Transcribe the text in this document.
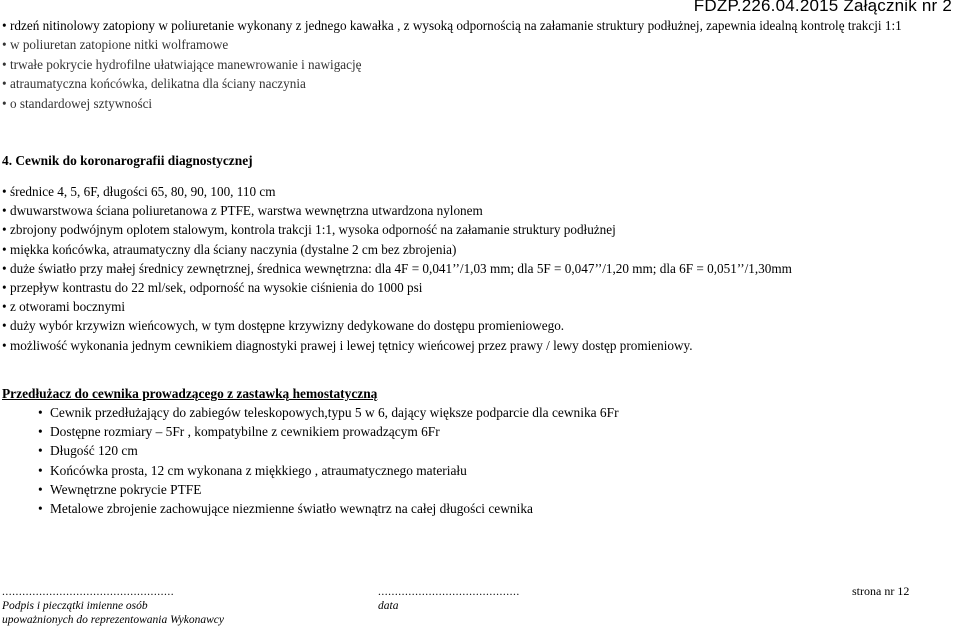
FDZP.226.04.2015 Załącznik nr 2
• rdzeń nitinolowy zatopiony w poliuretanie wykonany z jednego kawałka , z wysoką odpornością na załamanie struktury podłużnej, zapewnia idealną kontrolę trakcji 1:1
• w poliuretan zatopione nitki wolframowe
• trwałe pokrycie hydrofilne ułatwiające manewrowanie i nawigację
• atraumatyczna końcówka, delikatna dla ściany naczynia
• o standardowej sztywności
4. Cewnik do koronarografii diagnostycznej
• średnice 4, 5, 6F, długości 65, 80, 90, 100, 110 cm
• dwuwarstwowa ściana poliuretanowa z PTFE, warstwa wewnętrzna utwardzona nylonem
• zbrojony podwójnym oplotem stalowym, kontrola trakcji 1:1, wysoka odporność na załamanie struktury podłużnej
• miękka końcówka, atraumatyczny dla ściany naczynia (dystalne 2 cm bez zbrojenia)
• duże światło przy małej średnicy zewnętrznej, średnica wewnętrzna: dla 4F = 0,041’’/1,03 mm; dla 5F = 0,047’’/1,20 mm; dla 6F = 0,051’’/1,30mm
• przepływ kontrastu do 22 ml/sek, odporność na wysokie ciśnienia do 1000 psi
• z otworami bocznymi
• duży wybór krzywizn wieńcowych, w tym dostępne krzywizny dedykowane do dostępu promieniowego.
• możliwość wykonania jednym cewnikiem diagnostyki prawej i lewej tętnicy wieńcowej przez prawy / lewy dostęp promieniowy.
Przedłużacz do cewnika prowadzącego z zastawką hemostatyczną
• Cewnik przedłużający do zabiegów teleskopowych,typu 5 w 6, dający większe podparcie dla cewnika 6Fr
• Dostępne rozmiary – 5Fr , kompatybilne z cewnikiem prowadzącym 6Fr
• Długość 120 cm
• Końcówka prosta, 12 cm wykonana z miękkiego , atraumatycznego materiału
• Wewnętrzne pokrycie PTFE
• Metalowe zbrojenie zachowujące niezmienne światło wewnątrz na całej długości cewnika
...................................................
Podpis i pieczątki imienne osób
upoważnionych do reprezentowania Wykonawcy
..........................................
data
strona nr 12
